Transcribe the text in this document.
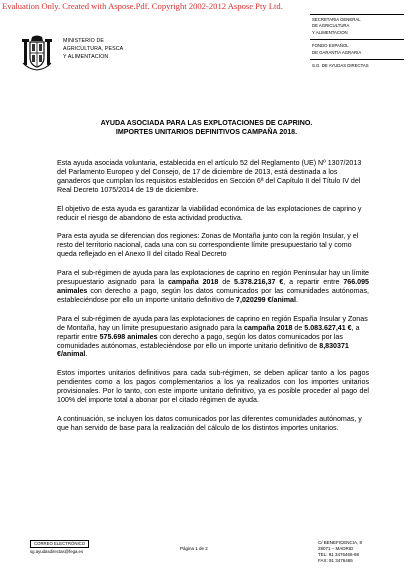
Evaluation Only. Created with Aspose.Pdf. Copyright 2002-2012 Aspose Pty Ltd.
MINISTERIO DE
AGRICULTURA, PESCA
Y ALIMENTACION
SECRETARIA GENERAL
DE AGRICULTURA
Y ALIMENTACION
FONDO ESPAÑOL
DE GARANTÍA AGRARIA
S.G. DE AYUDAS DIRECTAS
AYUDA ASOCIADA PARA LAS EXPLOTACIONES DE CAPRINO.
IMPORTES UNITARIOS DEFINITIVOS CAMPAÑA 2018.

Esta ayuda asociada voluntaria, establecida en el artículo 52 del Reglamento (UE) Nº 1307/2013 del Parlamento Europeo y del Consejo, de 17 de diciembre de 2013, está destinada a los ganaderos que cumplan los requisitos establecidos en Sección 6ª del Capítulo II del Título IV del Real Decreto 1075/2014 de 19 de diciembre.

El objetivo de esta ayuda es garantizar la viabilidad económica de las explotaciones de caprino y reducir el riesgo de abandono de esta actividad productiva.

Para esta ayuda se diferencian dos regiones: Zonas de Montaña junto con la región Insular, y el resto del territorio nacional, cada una con su correspondiente límite presupuestario tal y como queda reflejado en el Anexo II del citado Real Decreto

Para el sub-régimen de ayuda para las explotaciones de caprino en región Peninsular hay un límite presupuestario asignado para la campaña 2018 de 5.378.216,37 €, a repartir entre 766.095 animales con derecho a pago, según los datos comunicados por las comunidades autónomas, estableciéndose por ello un importe unitario definitivo de 7,020299 €/animal.

Para el sub-régimen de ayuda para las explotaciones de caprino en región España Insular y Zonas de Montaña, hay un límite presupuestario asignado para la campaña 2018 de 5.083.627,41 €, a repartir entre 575.698 animales con derecho a pago, según los datos comunicados por las comunidades autónomas, estableciéndose por ello un importe unitario definitivo de 8,830371 €/animal.

Estos importes unitarios definitivos para cada sub-régimen, se deben aplicar tanto a los pagos pendientes como a los pagos complementarios a los ya realizados con los importes unitarios provisionales. Por lo tanto, con este importe unitario definitivo, ya es posible proceder al pago del 100% del importe total a abonar por el citado régimen de ayuda.

A continuación, se incluyen los datos comunicados por las diferentes comunidades autónomas, y que han servido de base para la realización del cálculo de los distintos importes unitarios.

CORREO ELECTRÓNICO
sg.ayudasdirectas@fega.es
Página 1 de 2
C/ BENEFICENCIA, 8
28071 – MADRID
TEL: 91 3476466-68
FAX: 91 3476465
